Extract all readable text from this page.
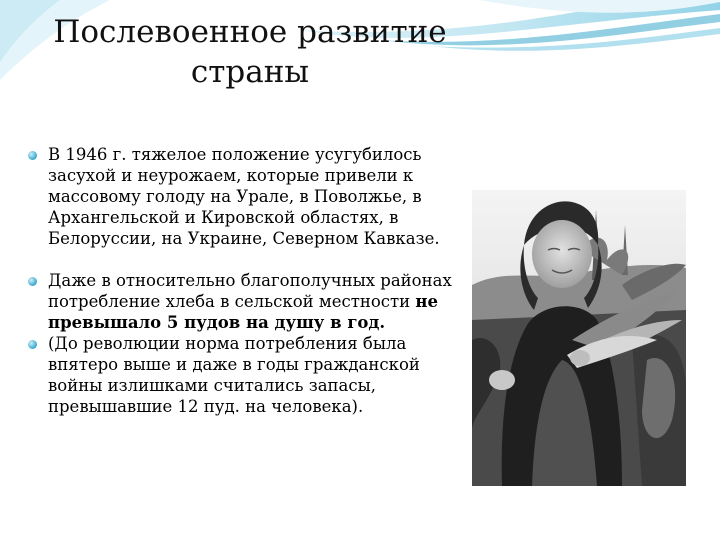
Послевоенное развитие
страны
В 1946 г. тяжелое положение усугубилось засухой и неурожаем, которые привели к массовому голоду на Урале, в Поволжье, в Архангельской и Кировской областях, в Белоруссии, на Украине, Северном Кавказе.
Даже в относительно благополучных районах потребление хлеба в сельской местности не превышало 5 пудов на душу в год.
(До революции норма потребления была впятеро выше и даже в годы гражданской войны излишками считались запасы, превышавшие 12 пуд. на человека).
